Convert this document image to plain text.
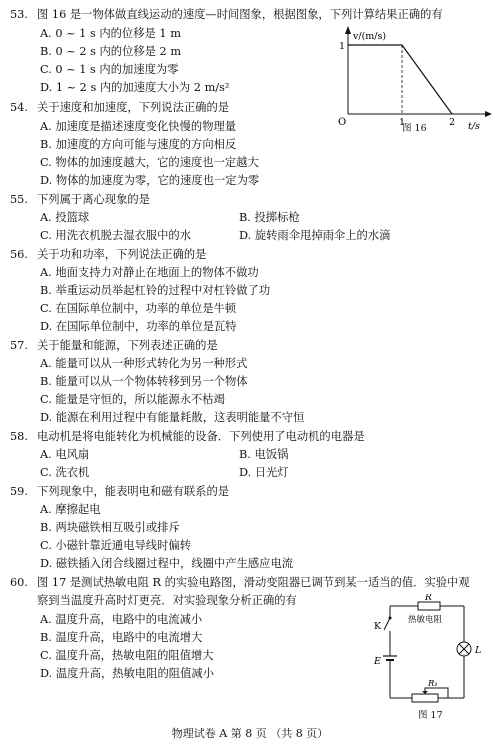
53. 图 16 是一物体做直线运动的速度—时间图象，根据图象，下列计算结果正确的有
A. 0 ~ 1 s 内的位移是 1 m
B. 0 ~ 2 s 内的位移是 2 m
C. 0 ~ 1 s 内的加速度为零
D. 1 ~ 2 s 内的加速度大小为 2 m/s²
v/(m/s)
1
O	1	2 t/s
图 16
54. 关于速度和加速度，下列说法正确的是
A. 加速度是描述速度变化快慢的物理量
B. 加速度的方向可能与速度的方向相反
C. 物体的加速度越大，它的速度也一定越大
D. 物体的加速度为零，它的速度也一定为零
55. 下列属于离心现象的是
A. 投篮球	B. 投掷标枪
C. 用洗衣机脱去湿衣服中的水	D. 旋转雨伞甩掉雨伞上的水滴
56. 关于功和功率，下列说法正确的是
A. 地面支持力对静止在地面上的物体不做功
B. 举重运动员举起杠铃的过程中对杠铃做了功
C. 在国际单位制中，功率的单位是牛顿
D. 在国际单位制中，功率的单位是瓦特
57. 关于能量和能源，下列表述正确的是
A. 能量可以从一种形式转化为另一种形式
B. 能量可以从一个物体转移到另一个物体
C. 能量是守恒的，所以能源永不枯竭
D. 能源在利用过程中有能量耗散，这表明能量不守恒
58. 电动机是将电能转化为机械能的设备．下列使用了电动机的电器是
A. 电风扇	B. 电饭锅
C. 洗衣机	D. 日光灯
59. 下列现象中，能表明电和磁有联系的是
A. 摩擦起电
B. 两块磁铁相互吸引或排斥
C. 小磁针靠近通电导线时偏转
D. 磁铁插入闭合线圈过程中，线圈中产生感应电流
60. 图 17 是测试热敏电阻 R 的实验电路图，滑动变阻器已调节到某一适当的值．实验中观
察到当温度升高时灯更亮．对实验现象分析正确的有
A. 温度升高，电路中的电流减小
B. 温度升高，电路中的电流增大
C. 温度升高，热敏电阻的阻值增大
D. 温度升高，热敏电阻的阻值减小
R
热敏电阻
L
R₁
K
E
图 17
物理试卷 A 第 8 页 （共 8 页）
